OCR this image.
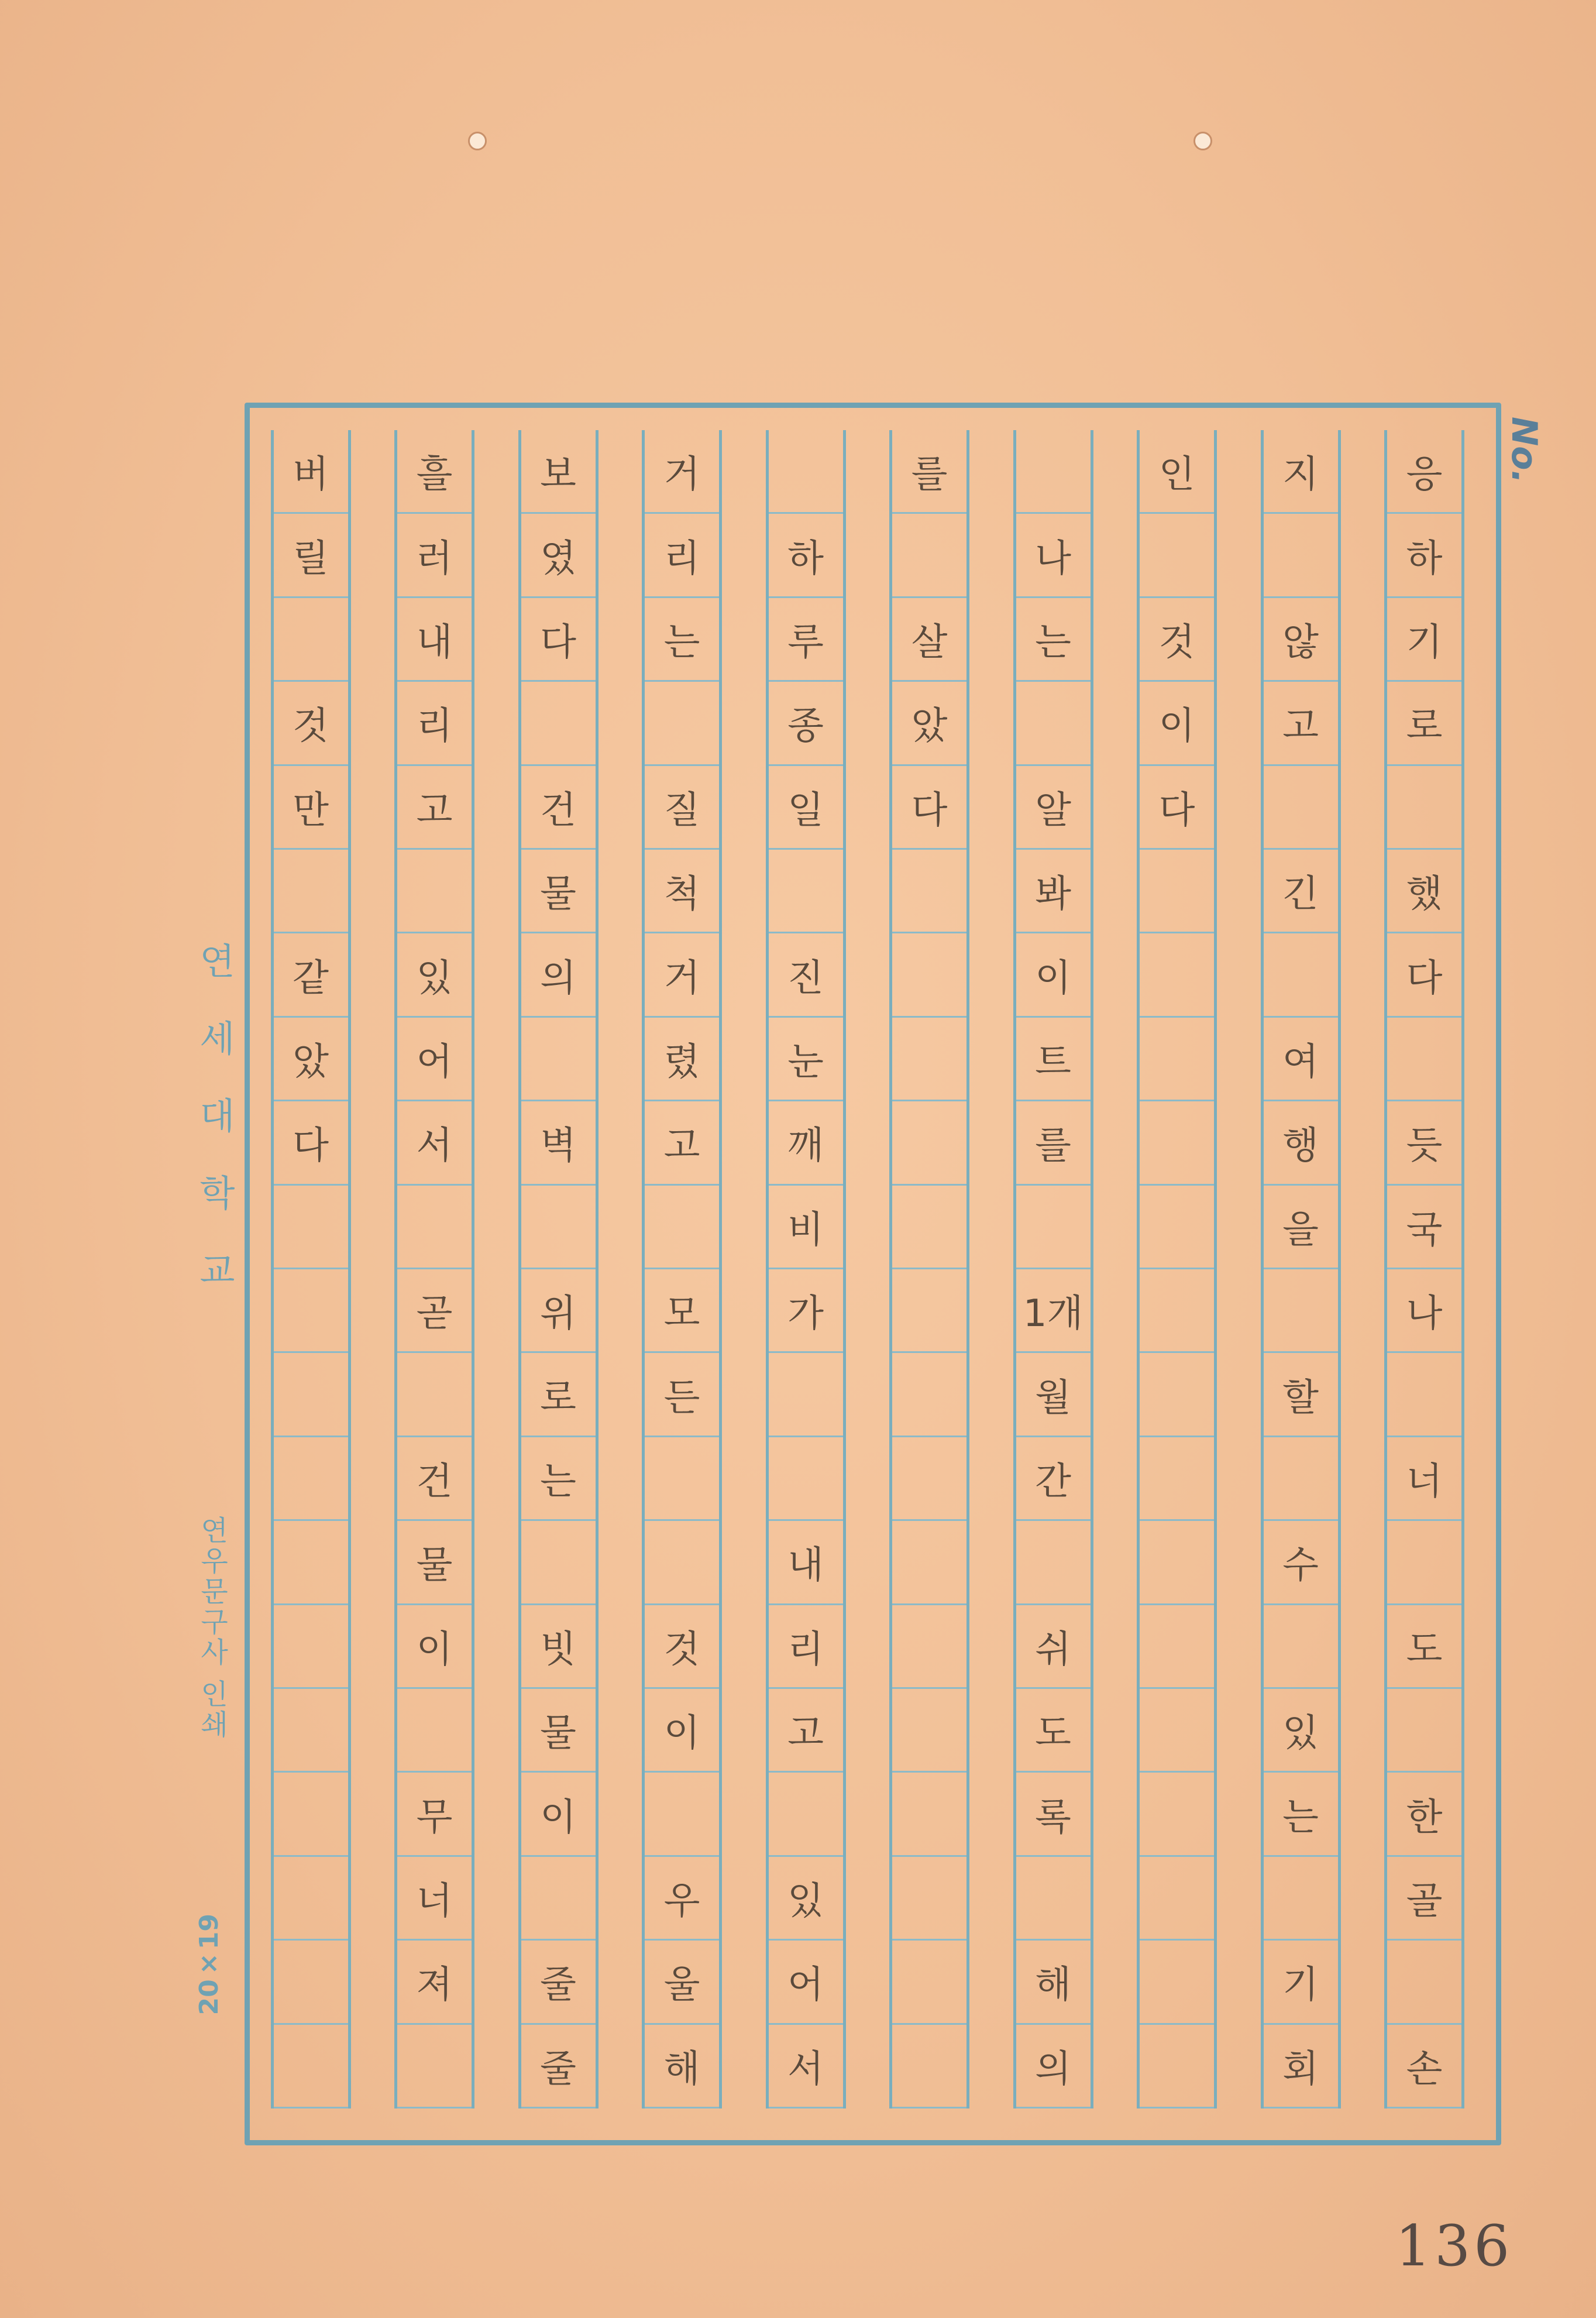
응
하
기
로
했
다
듯
국
나
너
도
한
골
손
지
않
고
긴
여
행
을
할
수
있
는
기
회
인
것
이
다
나
는
알
봐
이
트
를
1개
월
간
쉬
도
록
해
의
를
살
았
다
하
루
종
일
진
눈
깨
비
가
내
리
고
있
어
서
거
리
는
질
척
거
렸
고
모
든
것
이
우
울
해
보
였
다
건
물
의
벽
위
로
는
빗
물
이
줄
줄
흘
러
내
리
고
있
어
서
곧
건
물
이
무
너
져
버
릴
것
만
같
았
다
연세대학교
연우문구사 인쇄
20×19
No.
136
